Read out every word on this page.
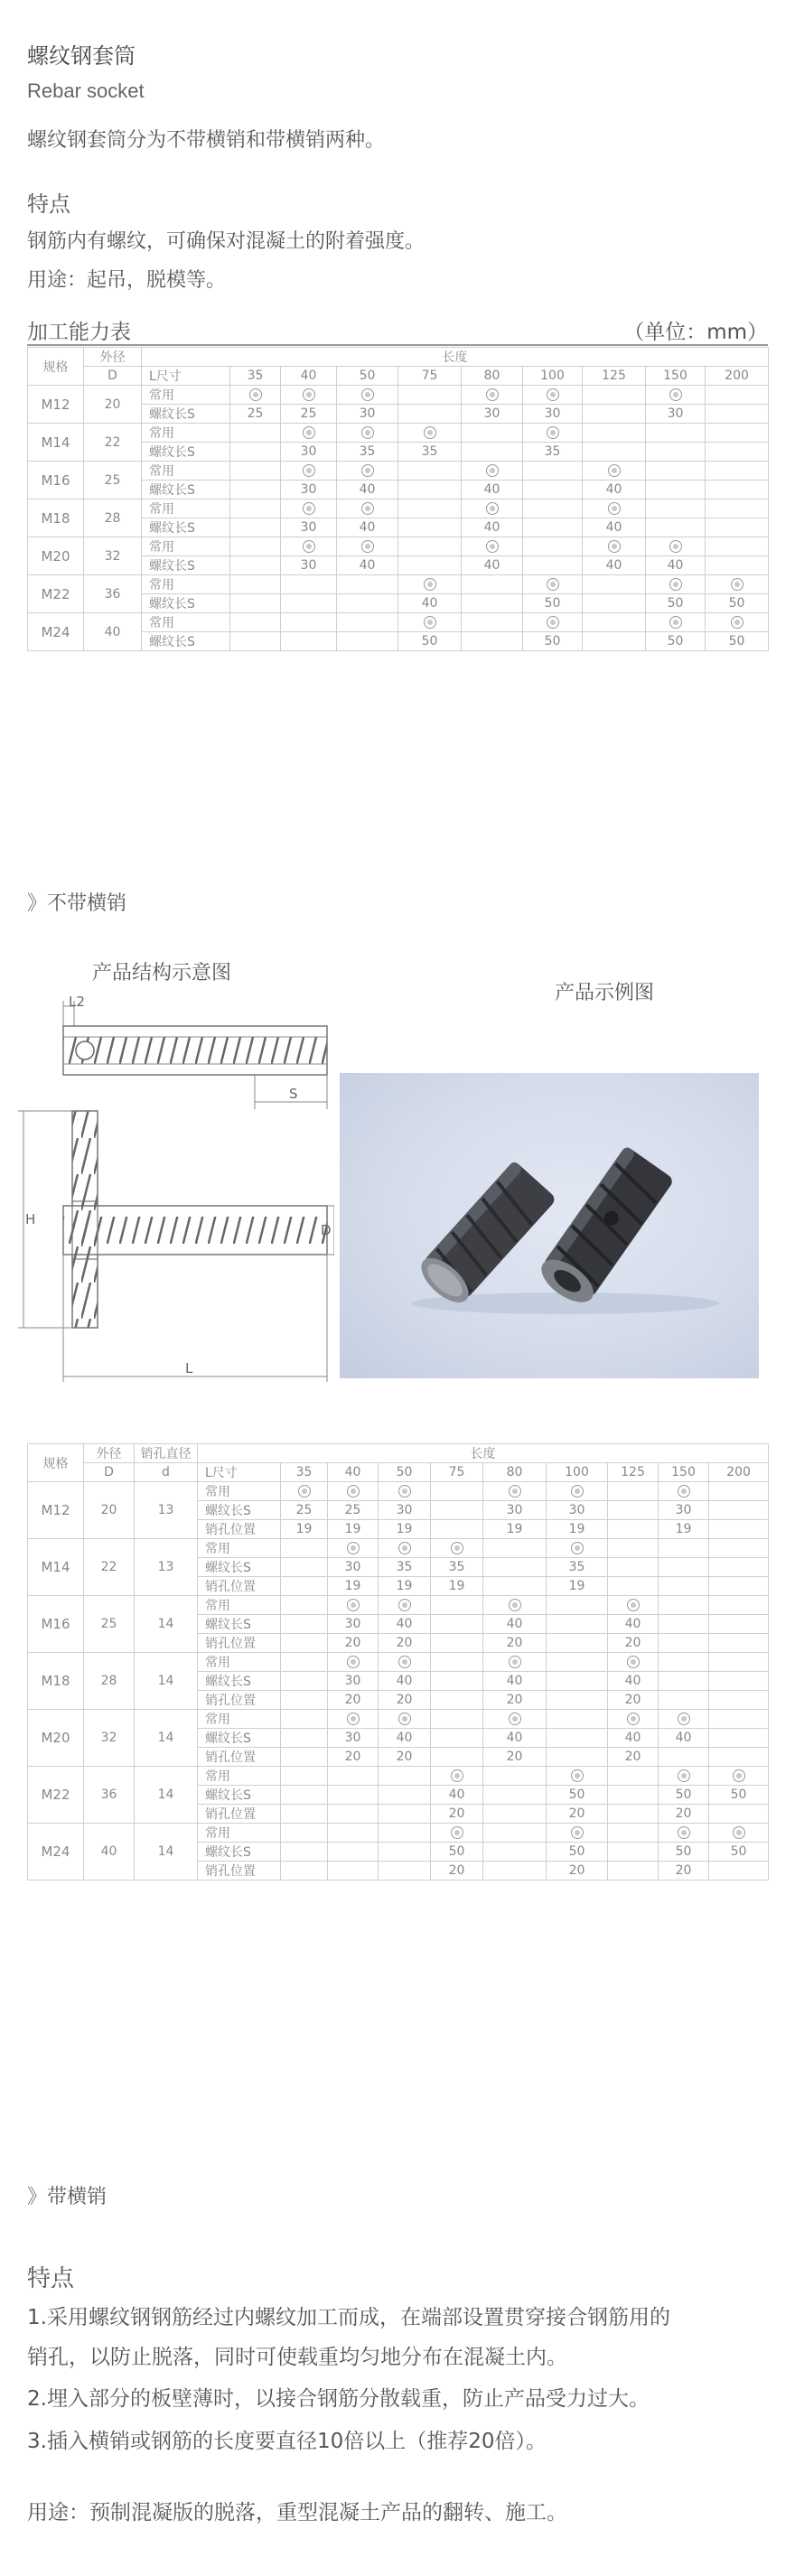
螺纹钢套筒
Rebar socket
螺纹钢套筒分为不带横销和带横销两种。
特点
钢筋内有螺纹，可确保对混凝土的附着强度。
用途：起吊，脱模等。
加工能力表	（单位：mm）
规格	外径	长度									
	D	L尺寸	35	40	50	75	80	100	125	150	200
M12	20	常用									
		螺纹长S	25	25	30		30	30		30	
M14	22	常用									
		螺纹长S		30	35	35		35			
M16	25	常用									
		螺纹长S		30	40		40		40		
M18	28	常用									
		螺纹长S		30	40		40		40		
M20	32	常用									
		螺纹长S		30	40		40		40	40	
M22	36	常用									
		螺纹长S				40		50		50	50
M24	40	常用									
		螺纹长S				50		50		50	50
》不带横销
产品结构示意图
产品示例图
L2
S
H
D
L
规格	外径	销孔直径	长度									
	D	d	L尺寸	35	40	50	75	80	100	125	150	200
M12	20	13	常用									
			螺纹长S	25	25	30		30	30		30	
			销孔位置	19	19	19		19	19		19	
M14	22	13	常用									
			螺纹长S		30	35	35		35			
			销孔位置		19	19	19		19			
M16	25	14	常用									
			螺纹长S		30	40		40		40		
			销孔位置		20	20		20		20		
M18	28	14	常用									
			螺纹长S		30	40		40		40		
			销孔位置		20	20		20		20		
M20	32	14	常用									
			螺纹长S		30	40		40		40	40	
			销孔位置		20	20		20		20		
M22	36	14	常用									
			螺纹长S				40		50		50	50
			销孔位置				20		20		20	
M24	40	14	常用									
			螺纹长S				50		50		50	50
			销孔位置				20		20		20	
》带横销
特点
1.采用螺纹钢钢筋经过内螺纹加工而成，在端部设置贯穿接合钢筋用的
销孔，以防止脱落，同时可使载重均匀地分布在混凝土内。
2.埋入部分的板壁薄时，以接合钢筋分散载重，防止产品受力过大。
3.插入横销或钢筋的长度要直径10倍以上（推荐20倍）。
用途：预制混凝版的脱落，重型混凝土产品的翻转、施工。
